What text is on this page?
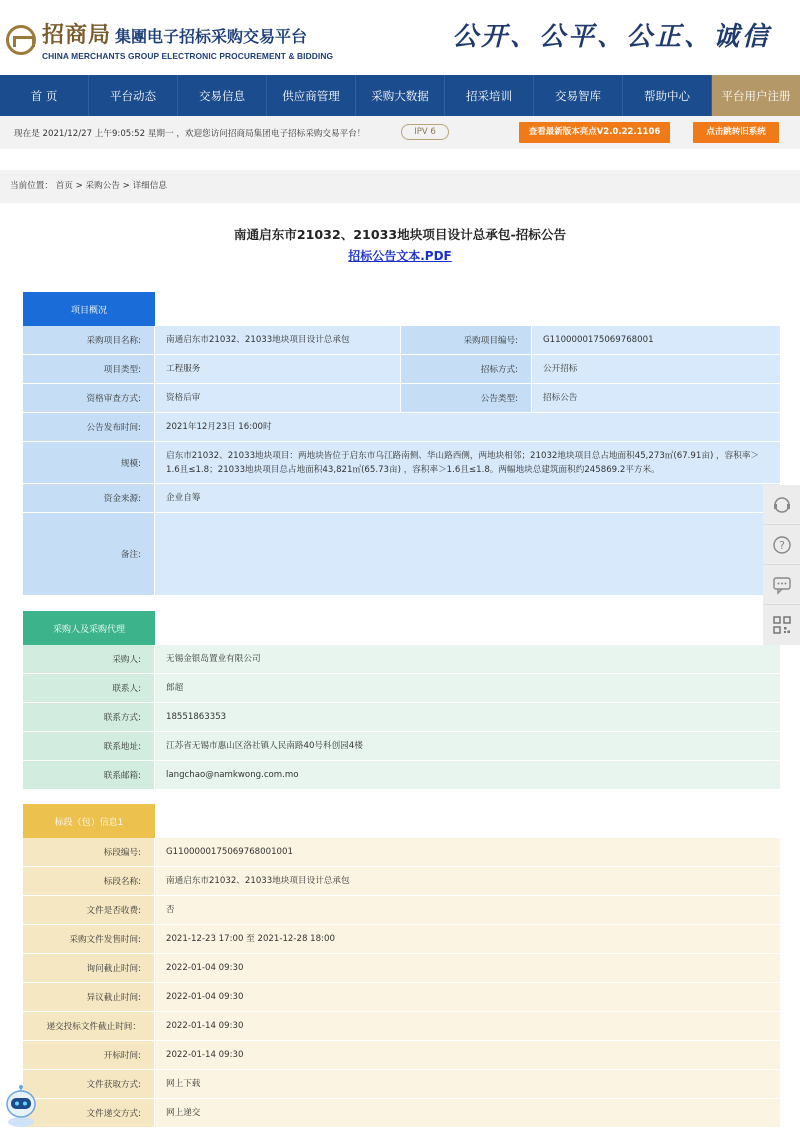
招商局 集團电子招标采购交易平台
CHINA MERCHANTS GROUP ELECTRONIC PROCUREMENT & BIDDING
公开、公平、公正、诚信
首 页	平台动态	交易信息	供应商管理	采购大数据	招采培训	交易智库	帮助中心	平台用户注册
现在是 2021/12/27 上午9:05:52 星期一 ，欢迎您访问招商局集团电子招标采购交易平台！	IPV 6	查看最新版本亮点V2.0.22.1106	点击跳转旧系统
当前位置： 首页 > 采购公告 > 详细信息
南通启东市21032、21033地块项目设计总承包-招标公告
招标公告文本.PDF
项目概况
采购项目名称:	南通启东市21032、21033地块项目设计总承包	采购项目编号:	G1100000175069768001
项目类型:	工程服务	招标方式:	公开招标
资格审查方式:	资格后审	公告类型:	招标公告
公告发布时间:	2021年12月23日 16:00时		
规模:	启东市21032、21033地块项目：两地块皆位于启东市乌江路南侧、华山路西侧，两地块相邻；21032地块项目总占地面积45,273㎡(67.91亩) ，容积率＞1.6且≤1.8；21033地块项目总占地面积43,821㎡(65.73亩) ，容积率＞1.6且≤1.8。两幅地块总建筑面积约245869.2平方米。		
资金来源:	企业自筹		
备注:			
采购人及采购代理
采购人:	无锡金银岛置业有限公司
联系人:	郎超
联系方式:	18551863353
联系地址:	江苏省无锡市惠山区洛社镇人民南路40号科创园4楼
联系邮箱:	langchao@namkwong.com.mo
标段（包）信息1
标段编号:	G1100000175069768001001
标段名称:	南通启东市21032、21033地块项目设计总承包
文件是否收费:	否
采购文件发售时间:	2021-12-23 17:00 至 2021-12-28 18:00
询问截止时间:	2022-01-04 09:30
异议截止时间:	2022-01-04 09:30
递交投标文件截止时间：	2022-01-14 09:30
开标时间:	2022-01-14 09:30
文件获取方式:	网上下载
文件递交方式:	网上递交
?
